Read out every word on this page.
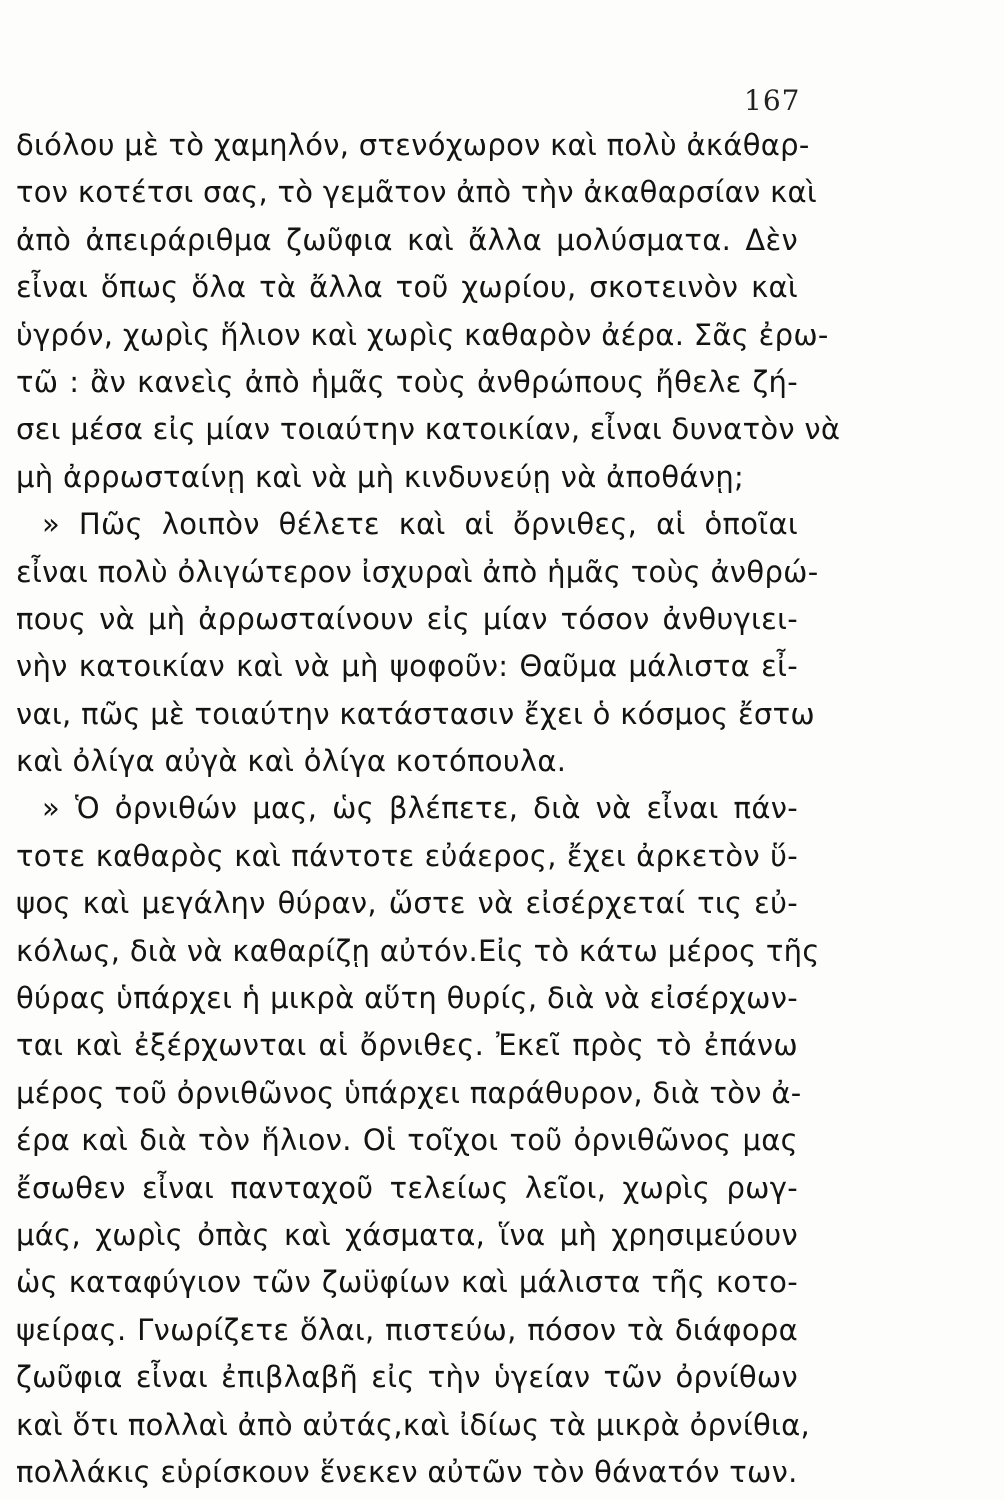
167
διόλου μὲ τὸ χαμηλόν, στενόχωρον καὶ πολὺ ἀκάθαρ-
τον κοτέτσι σας, τὸ γεμᾶτον ἀπὸ τὴν ἀκαθαρσίαν καὶ
ἀπὸ ἀπειράριθμα ζωῦφια καὶ ἄλλα μολύσματα. Δὲν
εἶναι ὅπως ὅλα τὰ ἄλλα τοῦ χωρίου, σκοτεινὸν καὶ
ὑγρόν, χωρὶς ἥλιον καὶ χωρὶς καθαρὸν ἀέρα. Σᾶς ἐρω-
τῶ : ἂν κανεὶς ἀπὸ ἡμᾶς τοὺς ἀνθρώπους ἤθελε ζή-
σει μέσα εἰς μίαν τοιαύτην κατοικίαν, εἶναι δυνατὸν νὰ
μὴ ἀρρωσταίνῃ καὶ νὰ μὴ κινδυνεύῃ νὰ ἀποθάνῃ;
» Πῶς λοιπὸν θέλετε καὶ αἱ ὄρνιθες, αἱ ὁποῖαι
εἶναι πολὺ ὀλιγώτερον ἰσχυραὶ ἀπὸ ἡμᾶς τοὺς ἀνθρώ-
πους νὰ μὴ ἀρρωσταίνουν εἰς μίαν τόσον ἀνθυγιει-
νὴν κατοικίαν καὶ νὰ μὴ ψοφοῦν: Θαῦμα μάλιστα εἶ-
ναι, πῶς μὲ τοιαύτην κατάστασιν ἔχει ὁ κόσμος ἔστω
καὶ ὀλίγα αὐγὰ καὶ ὀλίγα κοτόπουλα.
» Ὁ ὀρνιθών μας, ὡς βλέπετε, διὰ νὰ εἶναι πάν-
τοτε καθαρὸς καὶ πάντοτε εὐάερος, ἔχει ἀρκετὸν ὕ-
ψος καὶ μεγάλην θύραν, ὥστε νὰ εἰσέρχεταί τις εὐ-
κόλως, διὰ νὰ καθαρίζῃ αὐτόν.Εἰς τὸ κάτω μέρος τῆς
θύρας ὑπάρχει ἡ μικρὰ αὕτη θυρίς, διὰ νὰ εἰσέρχων-
ται καὶ ἐξέρχωνται αἱ ὄρνιθες. Ἐκεῖ πρὸς τὸ ἐπάνω
μέρος τοῦ ὀρνιθῶνος ὑπάρχει παράθυρον, διὰ τὸν ἀ-
έρα καὶ διὰ τὸν ἥλιον. Οἱ τοῖχοι τοῦ ὀρνιθῶνος μας
ἔσωθεν εἶναι πανταχοῦ τελείως λεῖοι, χωρὶς ρωγ-
μάς, χωρὶς ὀπὰς καὶ χάσματα, ἵνα μὴ χρησιμεύουν
ὡς καταφύγιον τῶν ζωϋφίων καὶ μάλιστα τῆς κοτο-
ψείρας. Γνωρίζετε ὅλαι, πιστεύω, πόσον τὰ διάφορα
ζωῦφια εἶναι ἐπιβλαβῆ εἰς τὴν ὑγείαν τῶν ὀρνίθων
καὶ ὅτι πολλαὶ ἀπὸ αὐτάς,καὶ ἰδίως τὰ μικρὰ ὀρνίθια,
πολλάκις εὑρίσκουν ἕνεκεν αὐτῶν τὸν θάνατόν των.
